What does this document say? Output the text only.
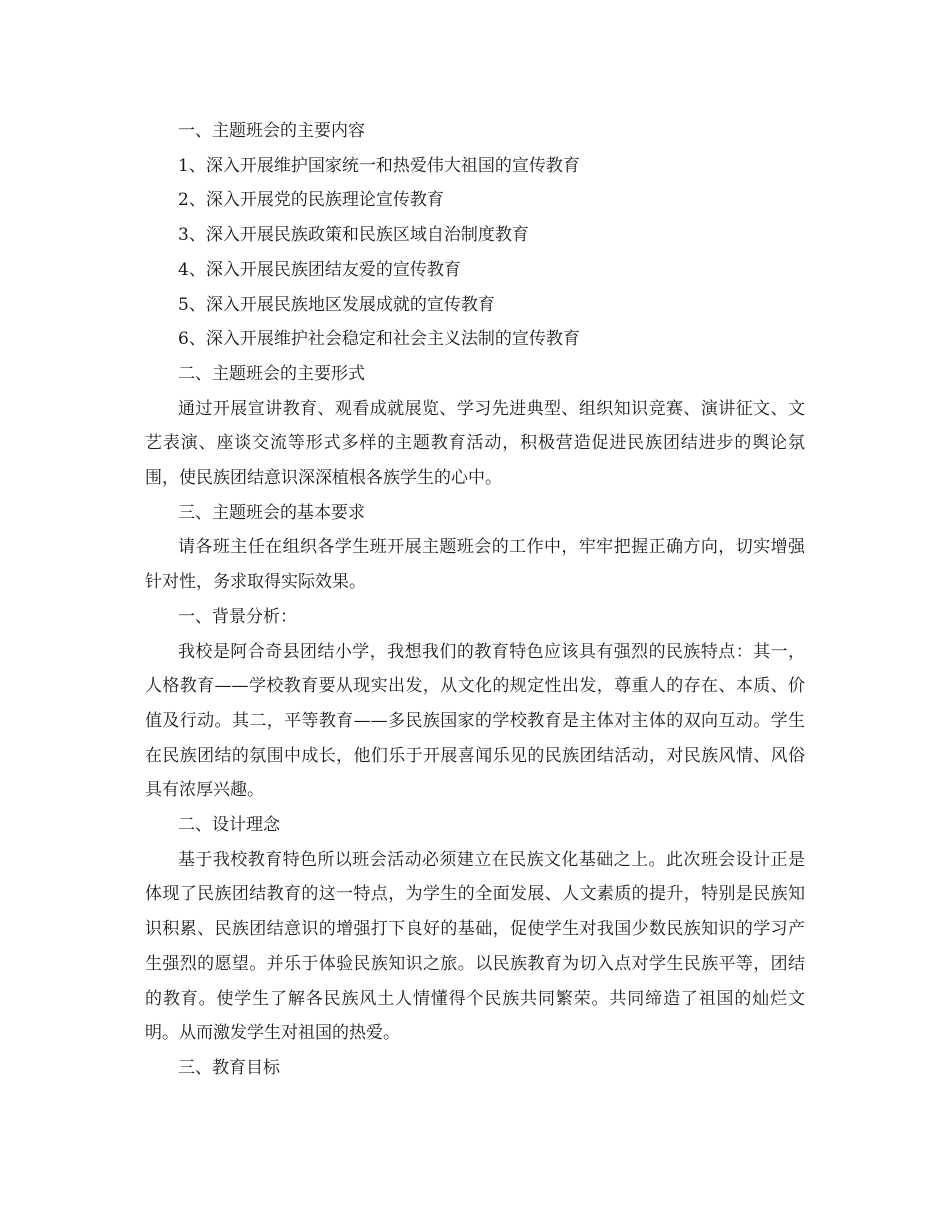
一、主题班会的主要内容
1、深入开展维护国家统一和热爱伟大祖国的宣传教育
2、深入开展党的民族理论宣传教育
3、深入开展民族政策和民族区域自治制度教育
4、深入开展民族团结友爱的宣传教育
5、深入开展民族地区发展成就的宣传教育
6、深入开展维护社会稳定和社会主义法制的宣传教育
二、主题班会的主要形式
通过开展宣讲教育、观看成就展览、学习先进典型、组织知识竞赛、演讲征文、文艺表演、座谈交流等形式多样的主题教育活动，积极营造促进民族团结进步的舆论氛围，使民族团结意识深深植根各族学生的心中。
三、主题班会的基本要求
请各班主任在组织各学生班开展主题班会的工作中，牢牢把握正确方向，切实增强针对性，务求取得实际效果。
一、背景分析：
我校是阿合奇县团结小学，我想我们的教育特色应该具有强烈的民族特点：其一，人格教育——学校教育要从现实出发，从文化的规定性出发，尊重人的存在、本质、价值及行动。其二，平等教育——多民族国家的学校教育是主体对主体的双向互动。学生在民族团结的氛围中成长，他们乐于开展喜闻乐见的民族团结活动，对民族风情、风俗具有浓厚兴趣。
二、设计理念
基于我校教育特色所以班会活动必须建立在民族文化基础之上。此次班会设计正是体现了民族团结教育的这一特点，为学生的全面发展、人文素质的提升，特别是民族知识积累、民族团结意识的增强打下良好的基础，促使学生对我国少数民族知识的学习产生强烈的愿望。并乐于体验民族知识之旅。以民族教育为切入点对学生民族平等，团结的教育。使学生了解各民族风土人情懂得个民族共同繁荣。共同缔造了祖国的灿烂文明。从而激发学生对祖国的热爱。
三、教育目标
